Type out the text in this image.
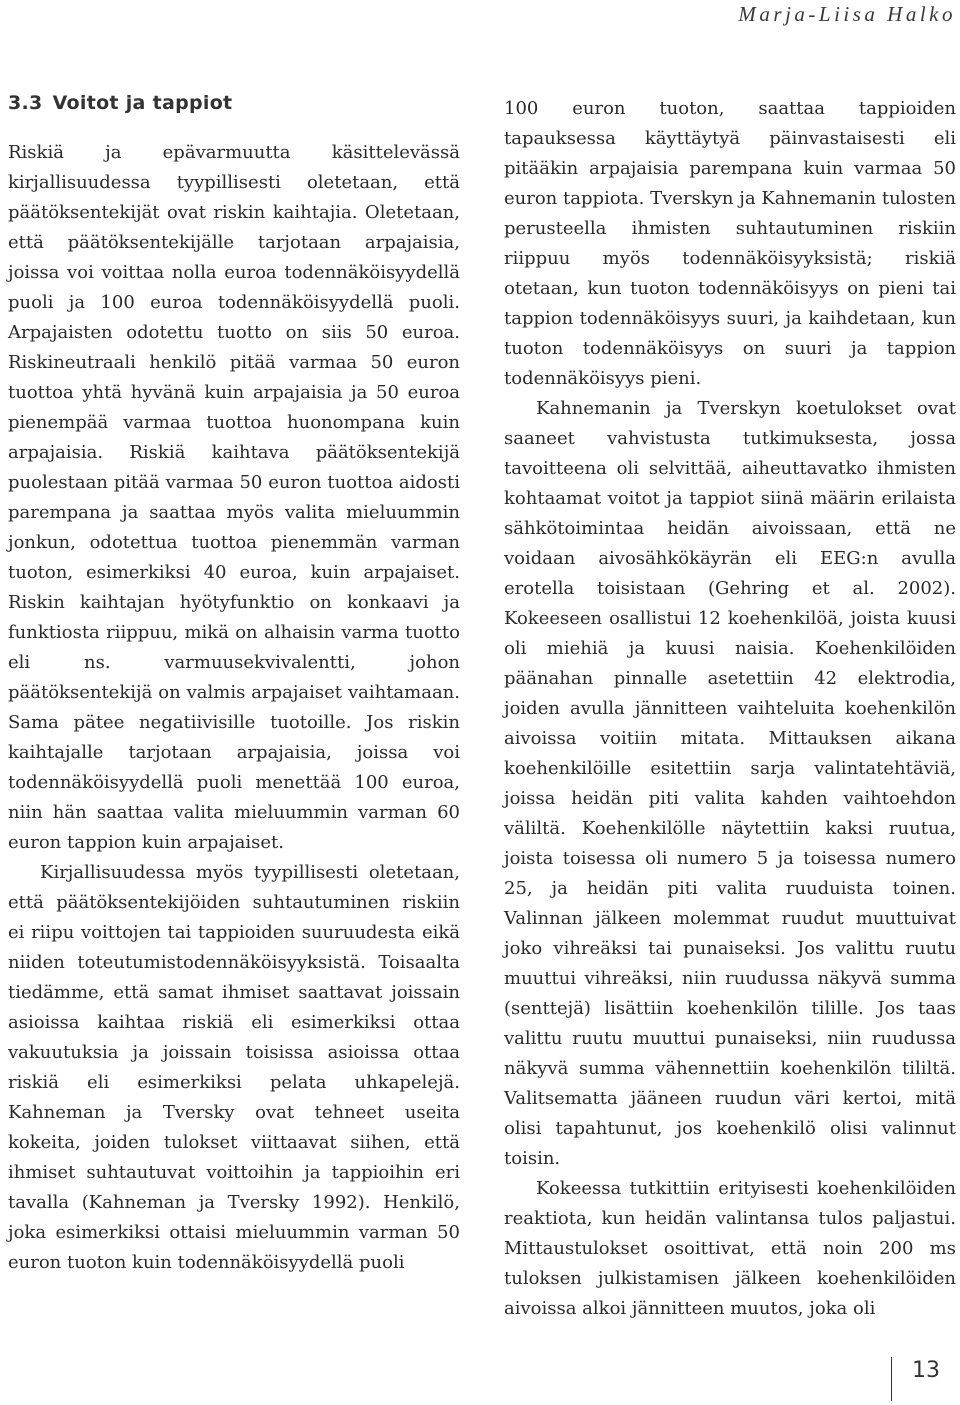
Marja-Liisa Halko
3.3 Voitot ja tappiot

Riskiä ja epävarmuutta käsittelevässä kirjallisuudessa tyypillisesti oletetaan, että päätöksentekijät ovat riskin kaihtajia. Oletetaan, että päätöksentekijälle tarjotaan arpajaisia, joissa voi voittaa nolla euroa todennäköisyydellä puoli ja 100 euroa todennäköisyydellä puoli. Arpajaisten odotettu tuotto on siis 50 euroa. Riskineutraali henkilö pitää varmaa 50 euron tuottoa yhtä hyvänä kuin arpajaisia ja 50 euroa pienempää varmaa tuottoa huonompana kuin arpajaisia. Riskiä kaihtava päätöksentekijä puolestaan pitää varmaa 50 euron tuottoa aidosti parempana ja saattaa myös valita mieluummin jonkun, odotettua tuottoa pienemmän varman tuoton, esimerkiksi 40 euroa, kuin arpajaiset. Riskin kaihtajan hyötyfunktio on konkaavi ja funktiosta riippuu, mikä on alhaisin varma tuotto eli ns. varmuusekvivalentti, johon päätöksentekijä on valmis arpajaiset vaihtamaan. Sama pätee negatiivisille tuotoille. Jos riskin kaihtajalle tarjotaan arpajaisia, joissa voi todennäköisyydellä puoli menettää 100 euroa, niin hän saattaa valita mieluummin varman 60 euron tappion kuin arpajaiset.

Kirjallisuudessa myös tyypillisesti oletetaan, että päätöksentekijöiden suhtautuminen riskiin ei riipu voittojen tai tappioiden suuruudesta eikä niiden toteutumistodennäköisyyksistä. Toisaalta tiedämme, että samat ihmiset saattavat joissain asioissa kaihtaa riskiä eli esimerkiksi ottaa vakuutuksia ja joissain toisissa asioissa ottaa riskiä eli esimerkiksi pelata uhkapelejä. Kahneman ja Tversky ovat tehneet useita kokeita, joiden tulokset viittaavat siihen, että ihmiset suhtautuvat voittoihin ja tappioihin eri tavalla (Kahneman ja Tversky 1992). Henkilö, joka esimerkiksi ottaisi mieluummin varman 50 euron tuoton kuin todennäköisyydellä puoli

100 euron tuoton, saattaa tappioiden tapauksessa käyttäytyä päinvastaisesti eli pitääkin arpajaisia parempana kuin varmaa 50 euron tappiota. Tverskyn ja Kahnemanin tulosten perusteella ihmisten suhtautuminen riskiin riippuu myös todennäköisyyksistä; riskiä otetaan, kun tuoton todennäköisyys on pieni tai tappion todennäköisyys suuri, ja kaihdetaan, kun tuoton todennäköisyys on suuri ja tappion todennäköisyys pieni.

Kahnemanin ja Tverskyn koetulokset ovat saaneet vahvistusta tutkimuksesta, jossa tavoitteena oli selvittää, aiheuttavatko ihmisten kohtaamat voitot ja tappiot siinä määrin erilaista sähkötoimintaa heidän aivoissaan, että ne voidaan aivosähkökäyrän eli EEG:n avulla erotella toisistaan (Gehring et al. 2002). Kokeeseen osallistui 12 koehenkilöä, joista kuusi oli miehiä ja kuusi naisia. Koehenkilöiden päänahan pinnalle asetettiin 42 elektrodia, joiden avulla jännitteen vaihteluita koehenkilön aivoissa voitiin mitata. Mittauksen aikana koehenkilöille esitettiin sarja valintatehtäviä, joissa heidän piti valita kahden vaihtoehdon väliltä. Koehenkilölle näytettiin kaksi ruutua, joista toisessa oli numero 5 ja toisessa numero 25, ja heidän piti valita ruuduista toinen. Valinnan jälkeen molemmat ruudut muuttuivat joko vihreäksi tai punaiseksi. Jos valittu ruutu muuttui vihreäksi, niin ruudussa näkyvä summa (senttejä) lisättiin koehenkilön tilille. Jos taas valittu ruutu muuttui punaiseksi, niin ruudussa näkyvä summa vähennettiin koehenkilön tililtä. Valitsematta jääneen ruudun väri kertoi, mitä olisi tapahtunut, jos koehenkilö olisi valinnut toisin.

Kokeessa tutkittiin erityisesti koehenkilöiden reaktiota, kun heidän valintansa tulos paljastui. Mittaustulokset osoittivat, että noin 200 ms tuloksen julkistamisen jälkeen koehenkilöiden aivoissa alkoi jännitteen muutos, joka oli

13
